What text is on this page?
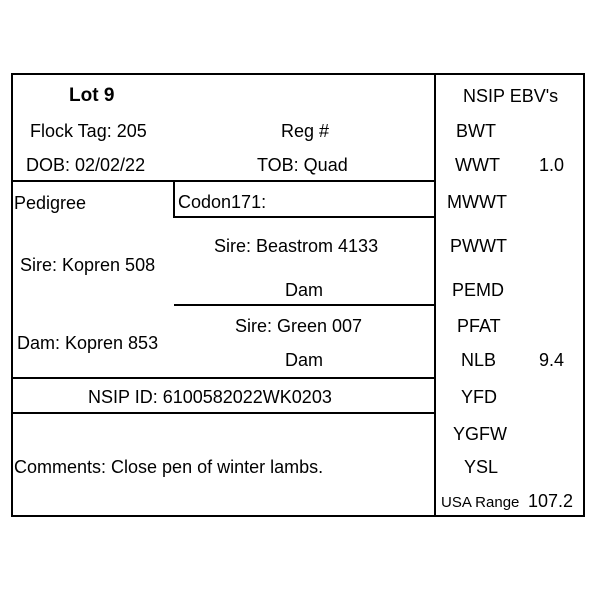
Lot 9
Flock Tag: 205	Reg #
DOB: 02/02/22	TOB: Quad
Pedigree	Codon171:
Sire: Kopren 508
Sire: Beastrom 4133
Dam
Dam: Kopren 853
Sire: Green 007
Dam
NSIP ID: 6100582022WK0203
Comments: Close pen of winter lambs.
NSIP EBV's
BWT
WWT 1.0
MWWT
PWWT
PEMD
PFAT
NLB 9.4
YFD
YGFW
YSL
USA Range 107.2
